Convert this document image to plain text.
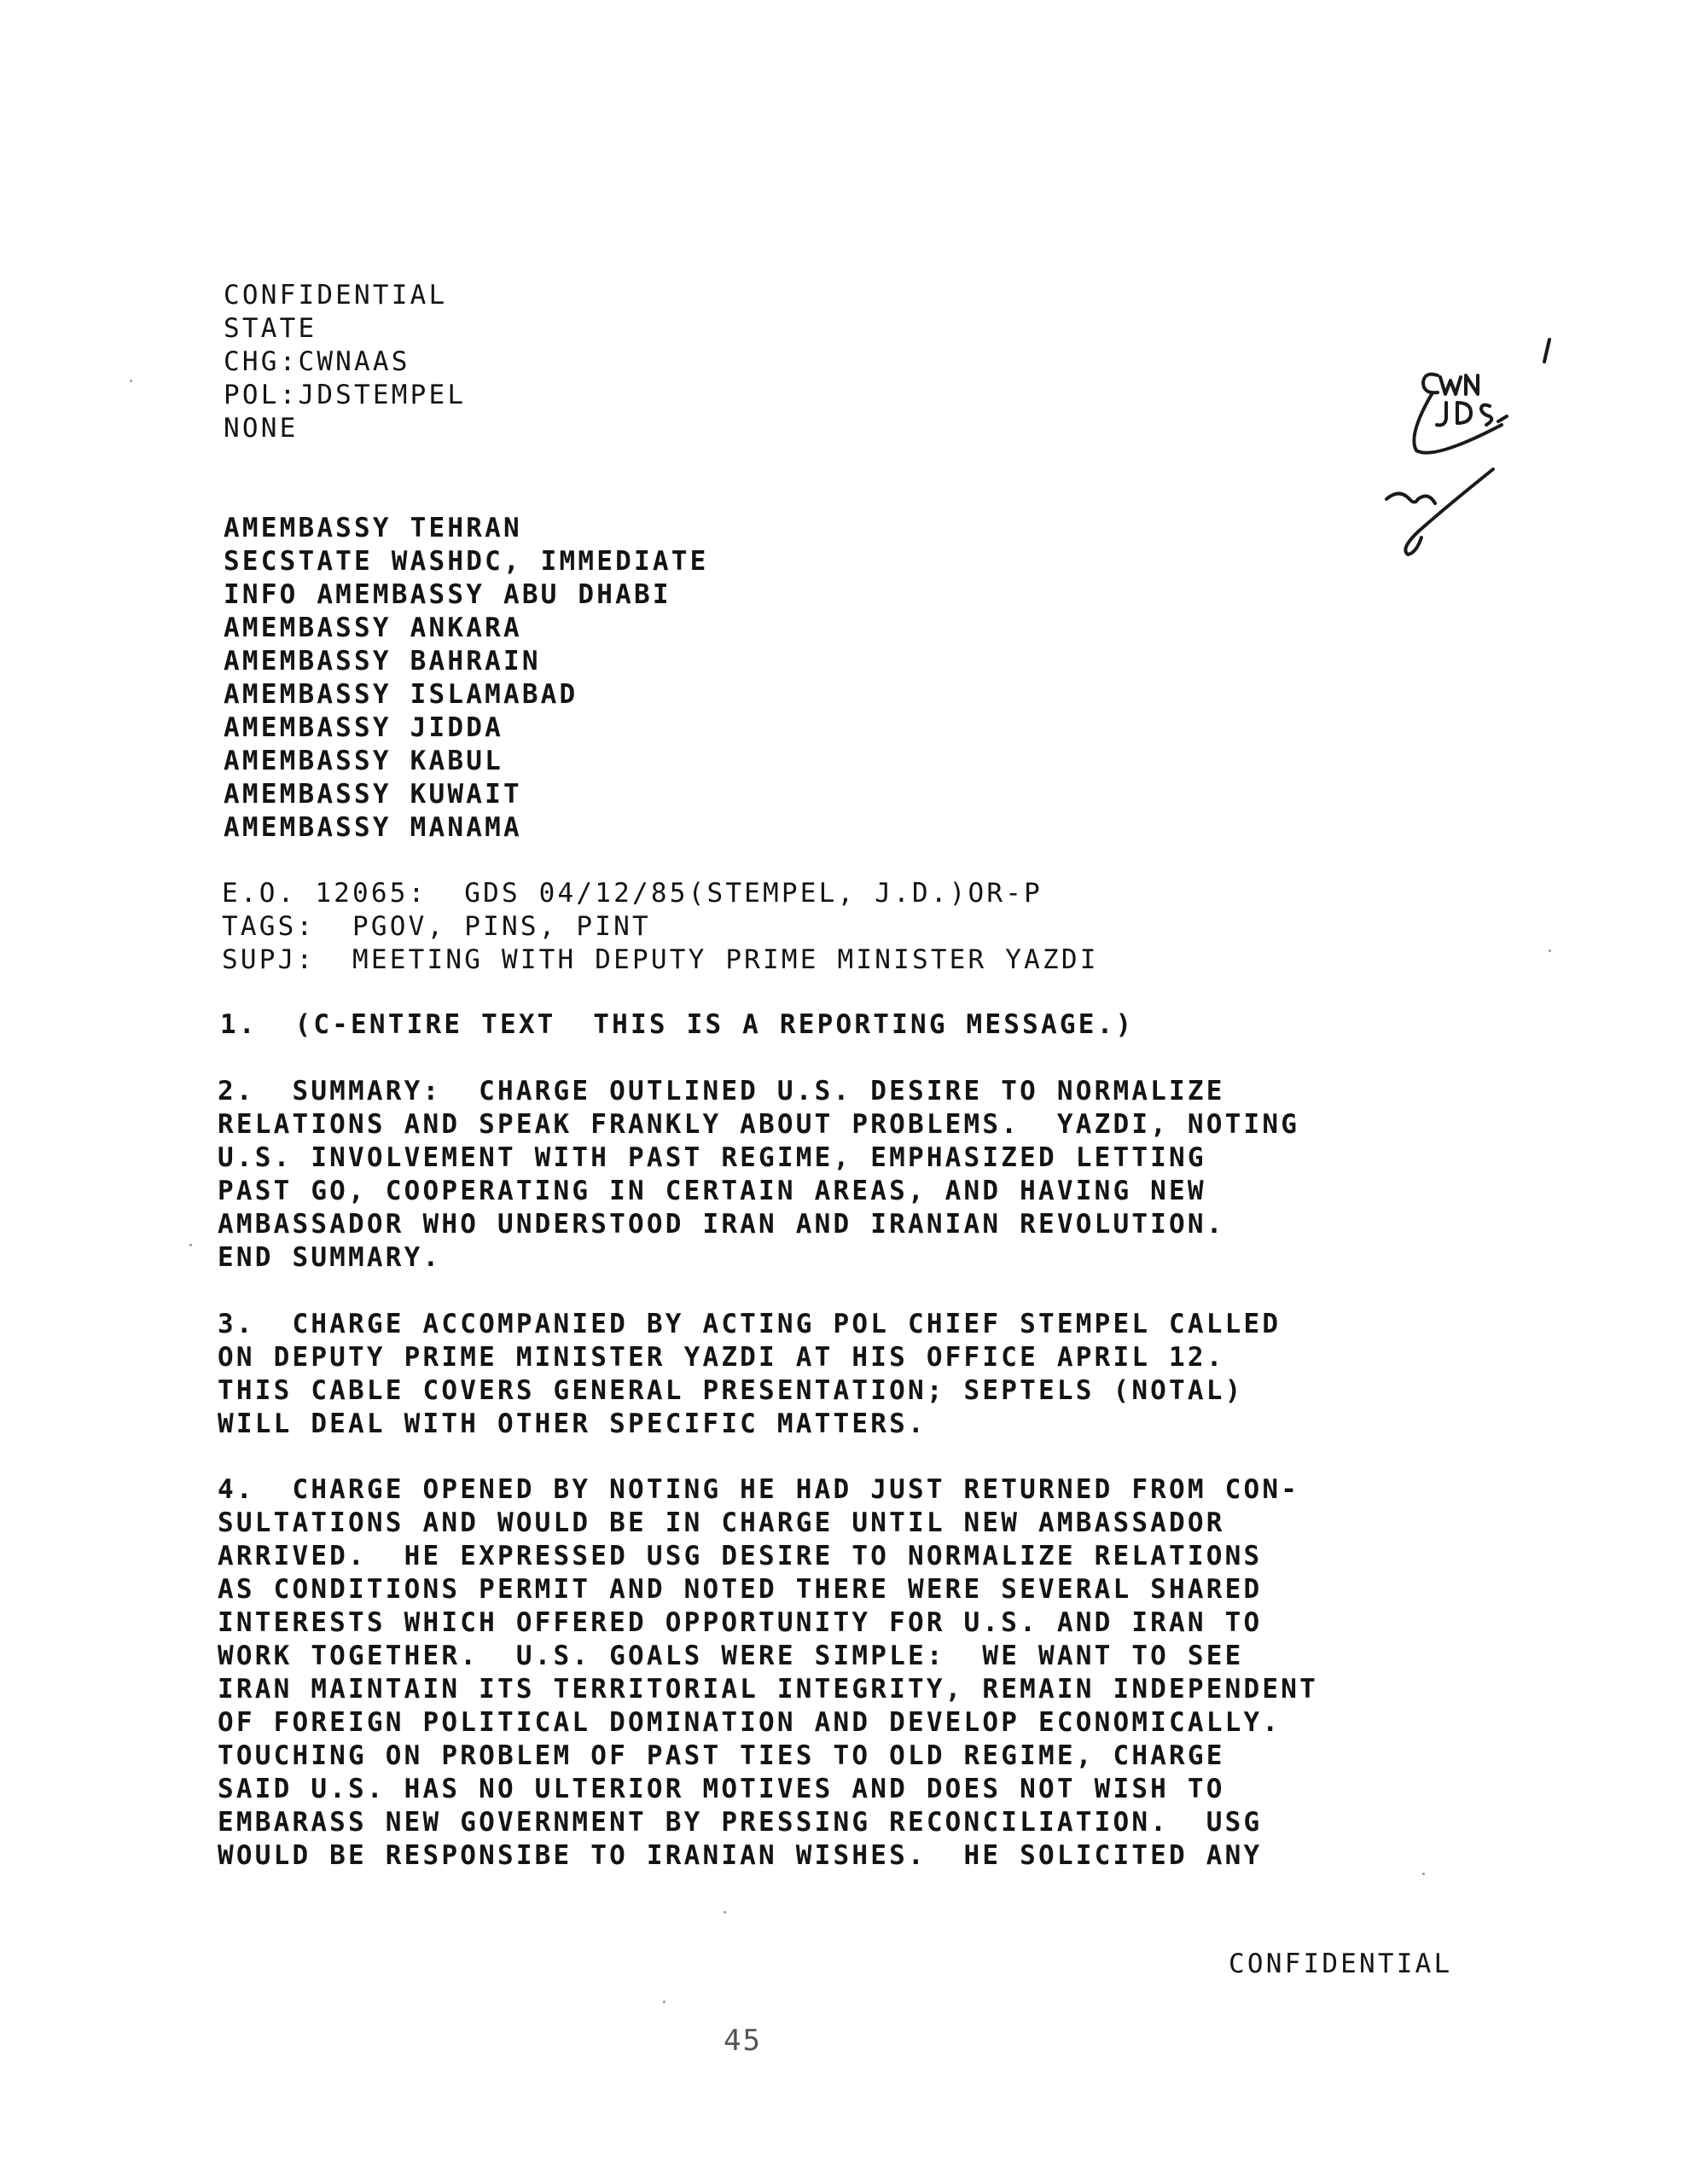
CONFIDENTIAL
STATE
CHG:CWNAAS
POL:JDSTEMPEL
NONE
AMEMBASSY TEHRAN
SECSTATE WASHDC, IMMEDIATE
INFO AMEMBASSY ABU DHABI
AMEMBASSY ANKARA
AMEMBASSY BAHRAIN
AMEMBASSY ISLAMABAD
AMEMBASSY JIDDA
AMEMBASSY KABUL
AMEMBASSY KUWAIT
AMEMBASSY MANAMA
E.O. 12065:  GDS 04/12/85(STEMPEL, J.D.)OR-P
TAGS:  PGOV, PINS, PINT
SUPJ:  MEETING WITH DEPUTY PRIME MINISTER YAZDI
1.  (C-ENTIRE TEXT  THIS IS A REPORTING MESSAGE.)
2.  SUMMARY:  CHARGE OUTLINED U.S. DESIRE TO NORMALIZE
RELATIONS AND SPEAK FRANKLY ABOUT PROBLEMS.  YAZDI, NOTING
U.S. INVOLVEMENT WITH PAST REGIME, EMPHASIZED LETTING
PAST GO, COOPERATING IN CERTAIN AREAS, AND HAVING NEW
AMBASSADOR WHO UNDERSTOOD IRAN AND IRANIAN REVOLUTION.
END SUMMARY.
3.  CHARGE ACCOMPANIED BY ACTING POL CHIEF STEMPEL CALLED
ON DEPUTY PRIME MINISTER YAZDI AT HIS OFFICE APRIL 12.
THIS CABLE COVERS GENERAL PRESENTATION; SEPTELS (NOTAL)
WILL DEAL WITH OTHER SPECIFIC MATTERS.
4.  CHARGE OPENED BY NOTING HE HAD JUST RETURNED FROM CON-
SULTATIONS AND WOULD BE IN CHARGE UNTIL NEW AMBASSADOR
ARRIVED.  HE EXPRESSED USG DESIRE TO NORMALIZE RELATIONS
AS CONDITIONS PERMIT AND NOTED THERE WERE SEVERAL SHARED
INTERESTS WHICH OFFERED OPPORTUNITY FOR U.S. AND IRAN TO
WORK TOGETHER.  U.S. GOALS WERE SIMPLE:  WE WANT TO SEE
IRAN MAINTAIN ITS TERRITORIAL INTEGRITY, REMAIN INDEPENDENT
OF FOREIGN POLITICAL DOMINATION AND DEVELOP ECONOMICALLY.
TOUCHING ON PROBLEM OF PAST TIES TO OLD REGIME, CHARGE
SAID U.S. HAS NO ULTERIOR MOTIVES AND DOES NOT WISH TO
EMBARASS NEW GOVERNMENT BY PRESSING RECONCILIATION.  USG
WOULD BE RESPONSIBE TO IRANIAN WISHES.  HE SOLICITED ANY
CONFIDENTIAL
45
